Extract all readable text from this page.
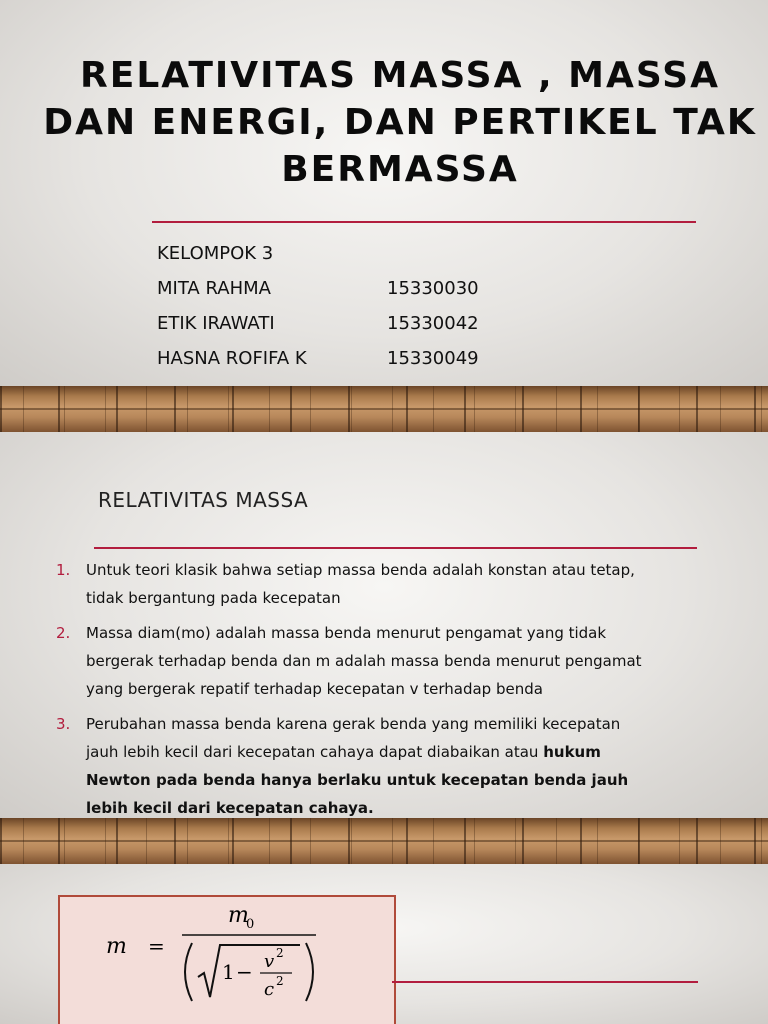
RELATIVITAS MASSA , MASSA DAN ENERGI, DAN PERTIKEL TAK BERMASSA
KELOMPOK 3
MITA RAHMA	15330030
ETIK IRAWATI	15330042
HASNA ROFIFA K	15330049
RELATIVITAS MASSA
1.	Untuk teori klasik bahwa setiap massa benda adalah konstan atau tetap, tidak bergantung pada kecepatan
2.	Massa diam(mo) adalah massa benda menurut pengamat yang tidak bergerak terhadap benda dan m adalah massa benda menurut pengamat yang bergerak repatif terhadap kecepatan v terhadap benda
3.	Perubahan massa benda karena gerak benda yang memiliki kecepatan jauh lebih kecil dari kecepatan cahaya dapat diabaikan atau hukum Newton pada benda hanya berlaku untuk kecepatan benda jauh lebih kecil dari kecepatan cahaya.
m =
m
0
1 − v 2
c 2
